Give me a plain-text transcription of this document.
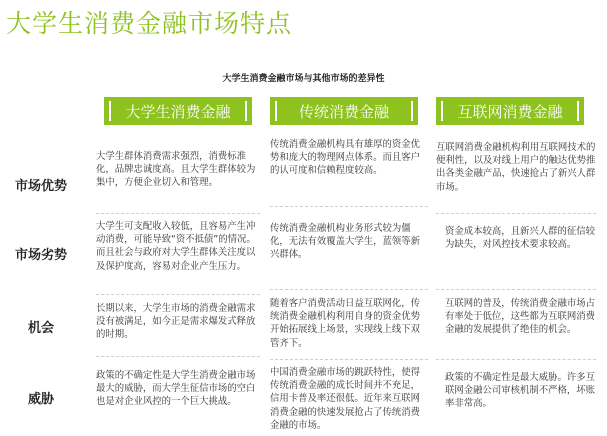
大学生消费金融市场特点
大学生消费金融市场与其他市场的差异性
大学生消费金融	传统消费金融	互联网消费金融
市场优势
大学生群体消费需求强烈，消费标准化，品牌忠诚度高。且大学生群体较为集中，方便企业切入和管理。
传统消费金融机构具有雄厚的资金优势和庞大的物理网点体系。而且客户的认可度和信赖程度较高。
互联网消费金融机构利用互联网技术的便利性，以及对线上用户的触达优势推出各类金融产品，快速抢占了新兴人群市场。
市场劣势
大学生可支配收入较低，且容易产生冲动消费，可能导致“资不抵债”的情况。而且社会与政府对大学生群体关注度以及保护度高，容易对企业产生压力。
传统消费金融机构业务形式较为僵化，无法有效覆盖大学生，蓝领等新兴群体。
资金成本较高，且新兴人群的征信较为缺失，对风控技术要求较高。
机会
长期以来，大学生市场的消费金融需求没有被满足，如今正是需求爆发式释放的时期。
随着客户消费活动日益互联网化，传统消费金融机构利用自身的资金优势开始拓展线上场景，实现线上线下双管齐下。
互联网的普及，传统消费金融市场占有率处于低位，这些都为互联网消费金融的发展提供了绝佳的机会。
威胁
政策的不确定性是大学生消费金融市场最大的威胁，而大学生征信市场的空白也是对企业风控的一个巨大挑战。
中国消费金融市场的跳跃特性，使得传统消费金融的成长时间并不充足，信用卡普及率还很低。近年来互联网消费金融的快速发展抢占了传统消费金融的市场。
政策的不确定性是最大威胁。许多互联网金融公司审核机制不严格，坏账率非常高。
